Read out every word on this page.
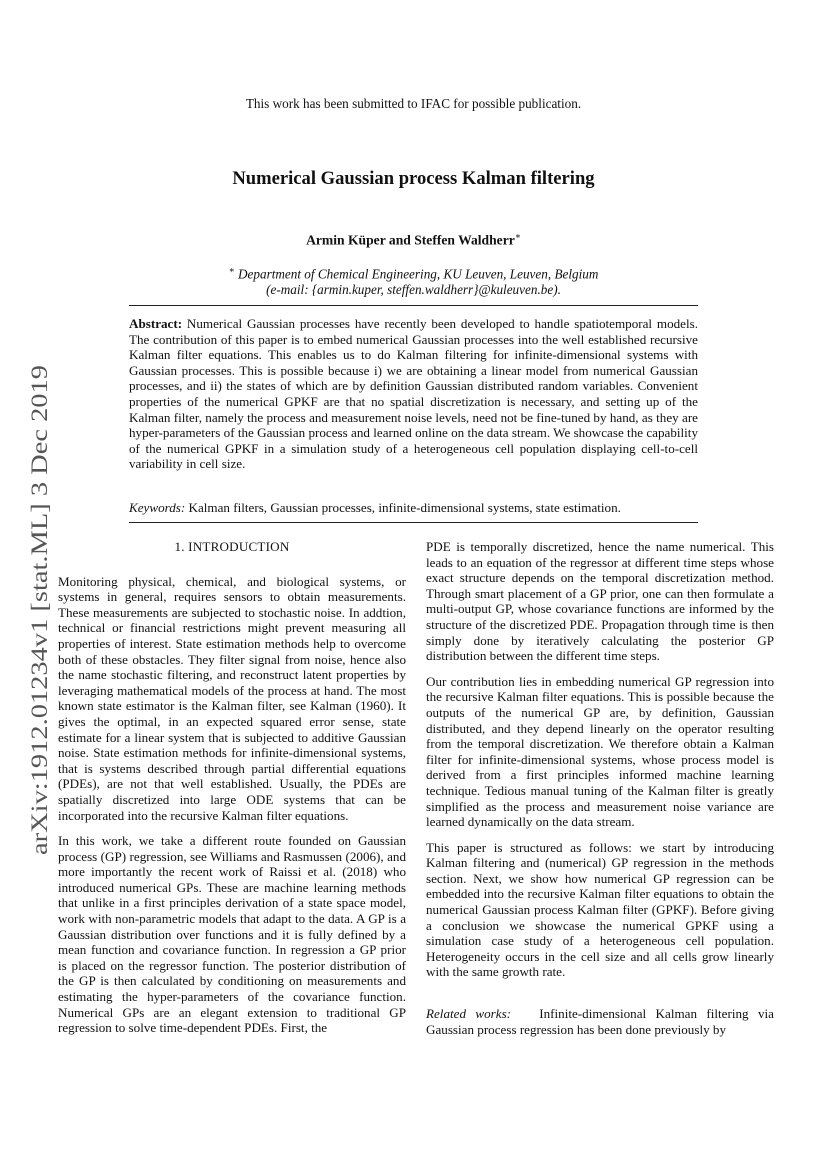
This work has been submitted to IFAC for possible publication.
Numerical Gaussian process Kalman filtering
Armin Küper and Steffen Waldherr∗
∗ Department of Chemical Engineering, KU Leuven, Leuven, Belgium
(e-mail: {armin.kuper, steffen.waldherr}@kuleuven.be).
Abstract: Numerical Gaussian processes have recently been developed to handle spatiotemporal models. The contribution of this paper is to embed numerical Gaussian processes into the well established recursive Kalman filter equations. This enables us to do Kalman filtering for infinite-dimensional systems with Gaussian processes. This is possible because i) we are obtaining a linear model from numerical Gaussian processes, and ii) the states of which are by definition Gaussian distributed random variables. Convenient properties of the numerical GPKF are that no spatial discretization is necessary, and setting up of the Kalman filter, namely the process and measurement noise levels, need not be fine-tuned by hand, as they are hyper-parameters of the Gaussian process and learned online on the data stream. We showcase the capability of the numerical GPKF in a simulation study of a heterogeneous cell population displaying cell-to-cell variability in cell size.
Keywords: Kalman filters, Gaussian processes, infinite-dimensional systems, state estimation.
arXiv:1912.01234v1 [stat.ML] 3 Dec 2019	1. INTRODUCTION

Monitoring physical, chemical, and biological systems, or systems in general, requires sensors to obtain measurements. These measurements are subjected to stochastic noise. In addtion, technical or financial restrictions might prevent measuring all properties of interest. State estimation methods help to overcome both of these obstacles. They filter signal from noise, hence also the name stochastic filtering, and reconstruct latent properties by leveraging mathematical models of the process at hand. The most known state estimator is the Kalman filter, see Kalman (1960). It gives the optimal, in an expected squared error sense, state estimate for a linear system that is subjected to additive Gaussian noise. State estimation methods for infinite-dimensional systems, that is systems described through partial differential equations (PDEs), are not that well established. Usually, the PDEs are spatially discretized into large ODE systems that can be incorporated into the recursive Kalman filter equations.

In this work, we take a different route founded on Gaussian process (GP) regression, see Williams and Rasmussen (2006), and more importantly the recent work of Raissi et al. (2018) who introduced numerical GPs. These are machine learning methods that unlike in a first principles derivation of a state space model, work with non-parametric models that adapt to the data. A GP is a Gaussian distribution over functions and it is fully defined by a mean function and covariance function. In regression a GP prior is placed on the regressor function. The posterior distribution of the GP is then calculated by conditioning on measurements and estimating the hyper-parameters of the covariance function. Numerical GPs are an elegant extension to traditional GP regression to solve time-dependent PDEs. First, the

PDE is temporally discretized, hence the name numerical. This leads to an equation of the regressor at different time steps whose exact structure depends on the temporal discretization method. Through smart placement of a GP prior, one can then formulate a multi-output GP, whose covariance functions are informed by the structure of the discretized PDE. Propagation through time is then simply done by iteratively calculating the posterior GP distribution between the different time steps.

Our contribution lies in embedding numerical GP regression into the recursive Kalman filter equations. This is possible because the outputs of the numerical GP are, by definition, Gaussian distributed, and they depend linearly on the operator resulting from the temporal discretization. We therefore obtain a Kalman filter for infinite-dimensional systems, whose process model is derived from a first principles informed machine learning technique. Tedious manual tuning of the Kalman filter is greatly simplified as the process and measurement noise variance are learned dynamically on the data stream.

This paper is structured as follows: we start by introducing Kalman filtering and (numerical) GP regression in the methods section. Next, we show how numerical GP regression can be embedded into the recursive Kalman filter equations to obtain the numerical Gaussian process Kalman filter (GPKF). Before giving a conclusion we showcase the numerical GPKF using a simulation case study of a heterogeneous cell population. Heterogeneity occurs in the cell size and all cells grow linearly with the same growth rate.

Related works: Infinite-dimensional Kalman filtering via Gaussian process regression has been done previously by
